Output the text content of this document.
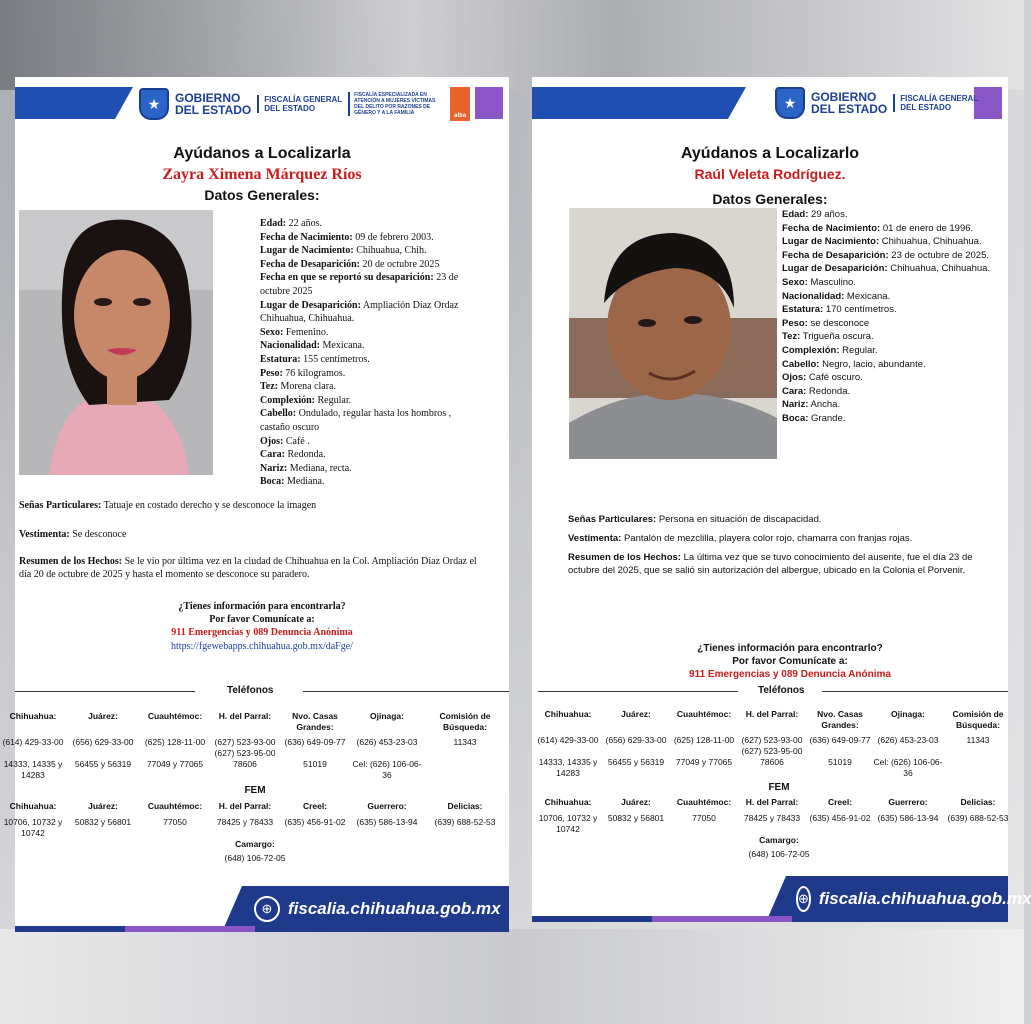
★	GOBIERNO
DEL ESTADO
FISCALÍA GENERAL
DEL ESTADO
FISCALÍA ESPECIALIZADA EN ATENCIÓN A MUJERES VÍCTIMAS DEL DELITO POR RAZONES DE GÉNERO Y A LA FAMILIA	alba
Ayúdanos a Localizarla
Zayra Ximena Márquez Ríos
Datos Generales:
Edad: 22 años.
Fecha de Nacimiento: 09 de febrero 2003.
Lugar de Nacimiento: Chihuahua, Chih.
Fecha de Desaparición: 20 de octubre 2025
Fecha en que se reportó su desaparición: 23 de octubre 2025
Lugar de Desaparición: Ampliación Díaz Ordaz Chihuahua, Chihuahua.
Sexo: Femenino.
Nacionalidad: Mexicana.
Estatura: 155 centímetros.
Peso: 76 kilogramos.
Tez: Morena clara.
Complexión: Regular.
Cabello: Ondulado, regular hasta los hombros , castaño oscuro
Ojos: Café .
Cara: Redonda.
Nariz: Mediana, recta.
Boca: Mediana.
Señas Particulares: Tatuaje en costado derecho y se desconoce la imagen
Vestimenta: Se desconoce
Resumen de los Hechos: Se le vio por última vez en la ciudad de Chihuahua en la Col. Ampliación Díaz Ordaz el día 20 de octubre de 2025 y hasta el momento se desconoce su paradero.
¿Tienes información para encontrarla?
Por favor Comunícate a:
911 Emergencias y 089 Denuncia Anónima
https://fgewebapps.chihuahua.gob.mx/daFge/
Teléfonos
Chihuahua:
(614) 429-33-00
14333, 14335 y 14283
Juárez:
(656) 629-33-00
56455 y 56319
Cuauhtémoc:
(625) 128-11-00
77049 y 77065
H. del Parral:
(627) 523-93-00 (627) 523-95-00
78606
Nvo. Casas Grandes:
(636) 649-09-77
51019
Ojinaga:
(626) 453-23-03
Cel: (626) 106-06-36
Comisión de Búsqueda:
11343
Chihuahua:
10706, 10732 y 10742
Juárez:
50832 y 56801
Cuauhtémoc:
77050
H. del Parral:
78425 y 78433
Creel:
(635) 456-91-02
Guerrero:
(635) 586-13-94
Delicias:
(639) 688-52-53
Camargo:
(648) 106-72-05
FEM
⊕ fiscalia.chihuahua.gob.mx
★	GOBIERNO
DEL ESTADO
FISCALÍA GENERAL
DEL ESTADO
Ayúdanos a Localizarlo
Raúl Veleta Rodríguez.
Datos Generales:
Edad: 29 años.
Fecha de Nacimiento: 01 de enero de 1996.
Lugar de Nacimiento: Chihuahua, Chihuahua.
Fecha de Desaparición: 23 de octubre de 2025.
Lugar de Desaparición: Chihuahua, Chihuahua.
Sexo: Masculino.
Nacionalidad: Mexicana.
Estatura: 170 centímetros.
Peso: se desconoce
Tez: Trigueña oscura.
Complexión: Regular.
Cabello: Negro, lacio, abundante.
Ojos: Café oscuro.
Cara: Redonda.
Nariz: Ancha.
Boca: Grande.
Señas Particulares: Persona en situación de discapacidad.
Vestimenta: Pantalón de mezclilla, playera color rojo, chamarra con franjas rojas.
Resumen de los Hechos: La última vez que se tuvo conocimiento del ausente, fue el día 23 de octubre del 2025, que se salió sin autorización del albergue, ubicado en la Colonia el Porvenir.
¿Tienes información para encontrarlo?
Por favor Comunícate a:
911 Emergencias y 089 Denuncia Anónima
Teléfonos
Chihuahua:
(614) 429-33-00
14333, 14335 y 14283
Juárez:
(656) 629-33-00
56455 y 56319
Cuauhtémoc:
(625) 128-11-00
77049 y 77065
H. del Parral:
(627) 523-93-00 (627) 523-95-00
78606
Nvo. Casas Grandes:
(636) 649-09-77
51019
Ojinaga:
(626) 453-23-03
Cel: (626) 106-06-36
Comisión de Búsqueda:
11343
Chihuahua:
10706, 10732 y 10742
Juárez:
50832 y 56801
Cuauhtémoc:
77050
H. del Parral:
78425 y 78433
Creel:
(635) 456-91-02
Guerrero:
(635) 586-13-94
Delicias:
(639) 688-52-53
Camargo:
(648) 106-72-05
FEM
⊕ fiscalia.chihuahua.gob.mx
